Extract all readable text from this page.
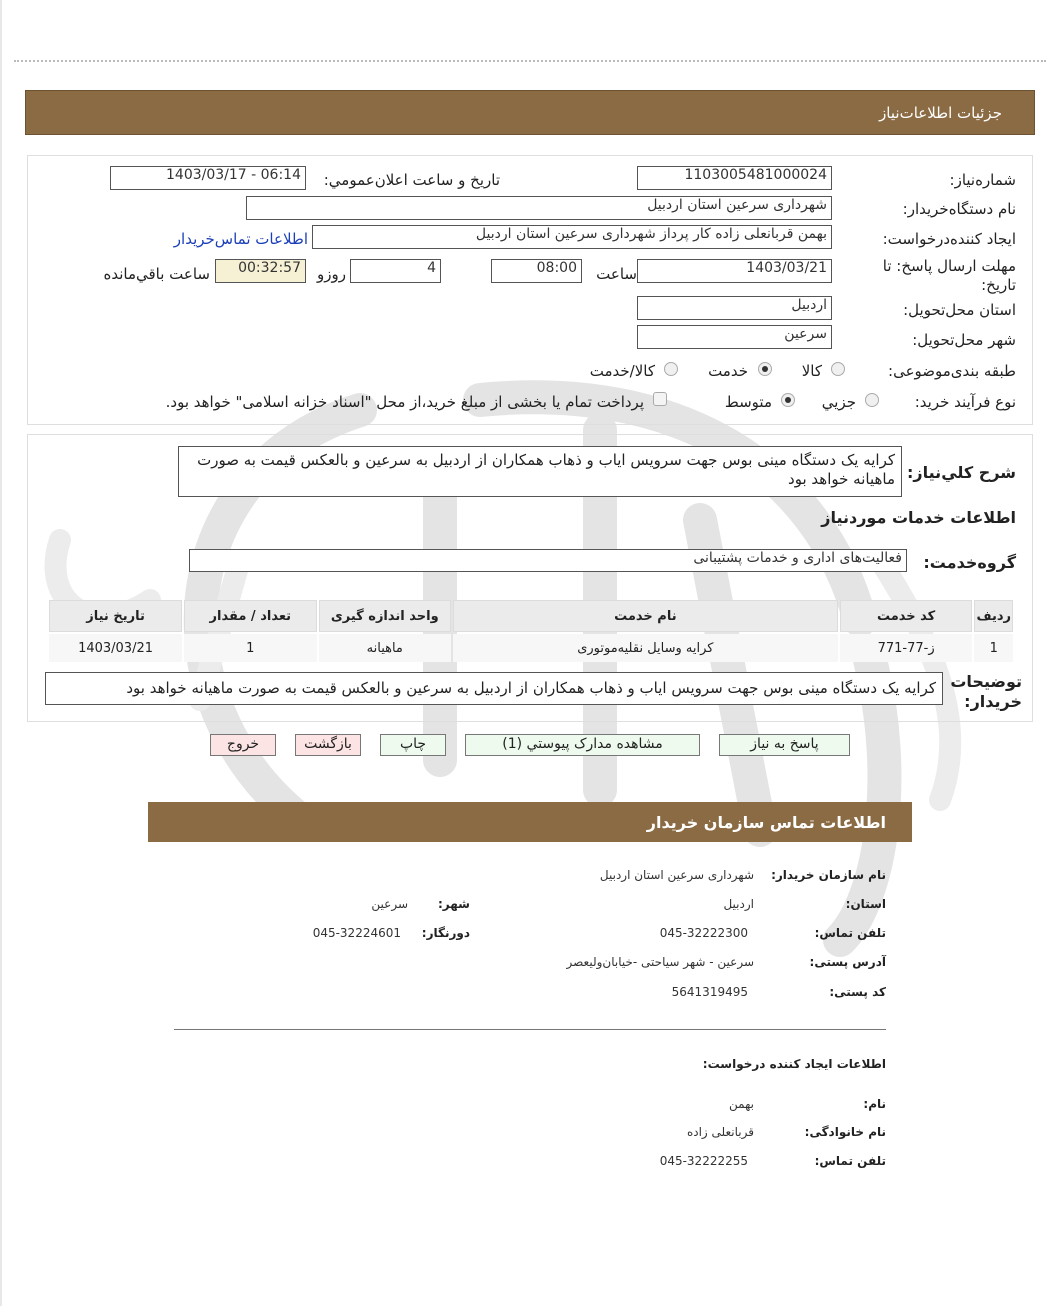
جزئیات اطلاعات‌نیاز
شماره‌نیاز:
1103005481000024
تاريخ و ساعت اعلان‌عمومي:
1403/03/17 - 06:14
نام دستگاه‌خريدار:
شهرداری سرعین استان اردبیل
ايجاد كننده‌درخواست:
بهمن قربانعلی زاده کار پرداز شهرداری سرعین استان اردبیل
اطلاعات تماس‌خريدار
مهلت ارسال پاسخ: تا تاريخ:
1403/03/21
ساعت
08:00
4
روزو
00:32:57
ساعت باقي‌مانده
استان محل‌تحويل:
اردبیل
شهر محل‌تحويل:
سرعین
طبقه بندی‌موضوعی:
کالا
خدمت
کالا/خدمت
نوع فرآيند خريد:
جزيي
متوسط
پرداخت تمام یا بخشی از مبلغ خرید،از محل "اسناد خزانه اسلامی" خواهد بود.
شرح كلي‌نياز:
کرایه یک دستگاه مینی بوس جهت سرویس ایاب و ذهاب همکاران از اردبیل به سرعین و بالعکس قیمت به صورت ماهیانه خواهد بود
اطلاعات خدمات موردنياز
گروه‌خدمت:
فعالیت‌های اداری و خدمات پشتیبانی
رديف	كد خدمت	نام خدمت	واحد اندازه گيری	تعداد / مقدار	تاريخ نياز
1	ز-77-771	کرایه وسایل نقلیه‌موتوری	ماهیانه	1	1403/03/21
توضيحات خريدار:
کرایه یک دستگاه مینی بوس جهت سرویس ایاب و ذهاب همکاران از اردبیل به سرعین و بالعکس قیمت به صورت ماهیانه خواهد بود
پاسخ به نياز
مشاهده مدارک پيوستي (1)
چاپ
بازگشت
خروج
اطلاعات تماس سازمان خريدار
نام سازمان خريدار:
شهرداری سرعین استان اردبیل
استان:
اردبیل
شهر:
سرعین
تلفن تماس:
045-32222300
دورنگار:
045-32224601
آدرس پستی:
سرعین - شهر سیاحتی -خیابان‌ولیعصر
کد پستی:
5641319495
اطلاعات ایجاد کننده درخواست:
نام:
بهمن
نام خانوادگی:
قربانعلی زاده
تلفن تماس:
045-32222255
